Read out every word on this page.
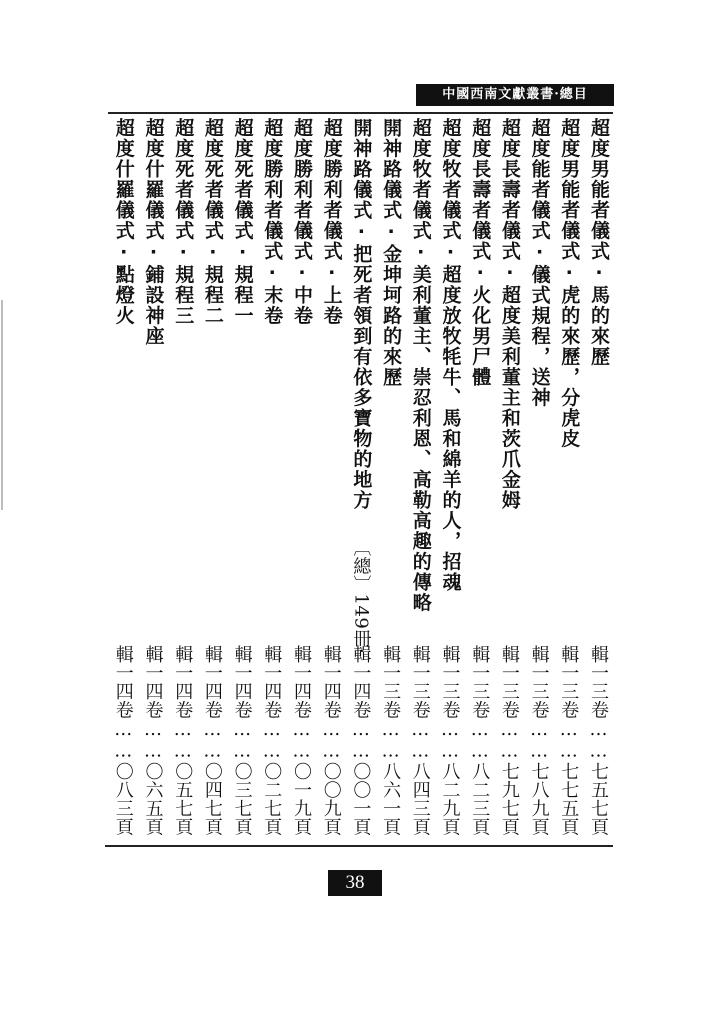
中國西南文獻叢書·總目
超度男能者儀式·馬的來歷
輯一三卷……七五七頁
超度男能者儀式·虎的來歷，分虎皮
輯一三卷……七七五頁
超度能者儀式·儀式規程，送神
輯一三卷……七八九頁
超度長壽者儀式·超度美利董主和茨爪金姆
輯一三卷……七九七頁
超度長壽者儀式·火化男尸體
輯一三卷……八二三頁
超度牧者儀式·超度放牧牦牛、馬和綿羊的人，招魂
輯一三卷……八二九頁
超度牧者儀式·美利董主、崇忍利恩、高勒高趣的傳略
輯一三卷……八四三頁
開神路儀式·金坤坷路的來歷
輯一三卷……八六一頁
開神路儀式·把死者領到有依多寶物的地方
〔總〕149冊·
輯一四卷……〇〇一頁
超度勝利者儀式·上卷
輯一四卷……〇〇九頁
超度勝利者儀式·中卷
輯一四卷……〇一九頁
超度勝利者儀式·末卷
輯一四卷……〇二七頁
超度死者儀式·規程一
輯一四卷……〇三七頁
超度死者儀式·規程二
輯一四卷……〇四七頁
超度死者儀式·規程三
輯一四卷……〇五七頁
超度什羅儀式·鋪設神座
輯一四卷……〇六五頁
超度什羅儀式·點燈火
輯一四卷……〇八三頁
38
